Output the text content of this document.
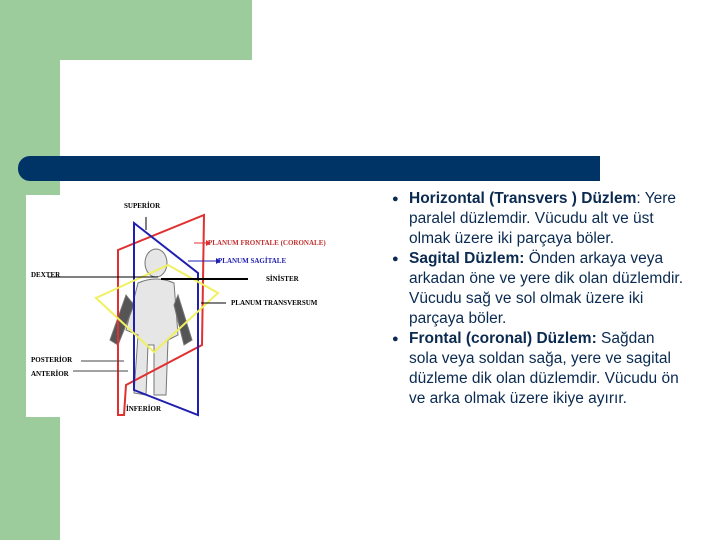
SUPERİOR
PLANUM FRONTALE (CORONALE)
PLANUM SAGİTALE
DEXTER	SİNİSTER
PLANUM TRANSVERSUM
POSTERİOR
ANTERİOR
İNFERİOR
● Horizontal (Transvers ) Düzlem: Yere paralel düzlemdir. Vücudu alt ve üst olmak üzere iki parçaya böler.
● Sagital Düzlem: Önden arkaya veya arkadan öne ve yere dik olan düzlemdir. Vücudu sağ ve sol olmak üzere iki parçaya böler.
● Frontal (coronal) Düzlem: Sağdan sola veya soldan sağa, yere ve sagital düzleme dik olan düzlemdir. Vücudu ön ve arka olmak üzere ikiye ayırır.
